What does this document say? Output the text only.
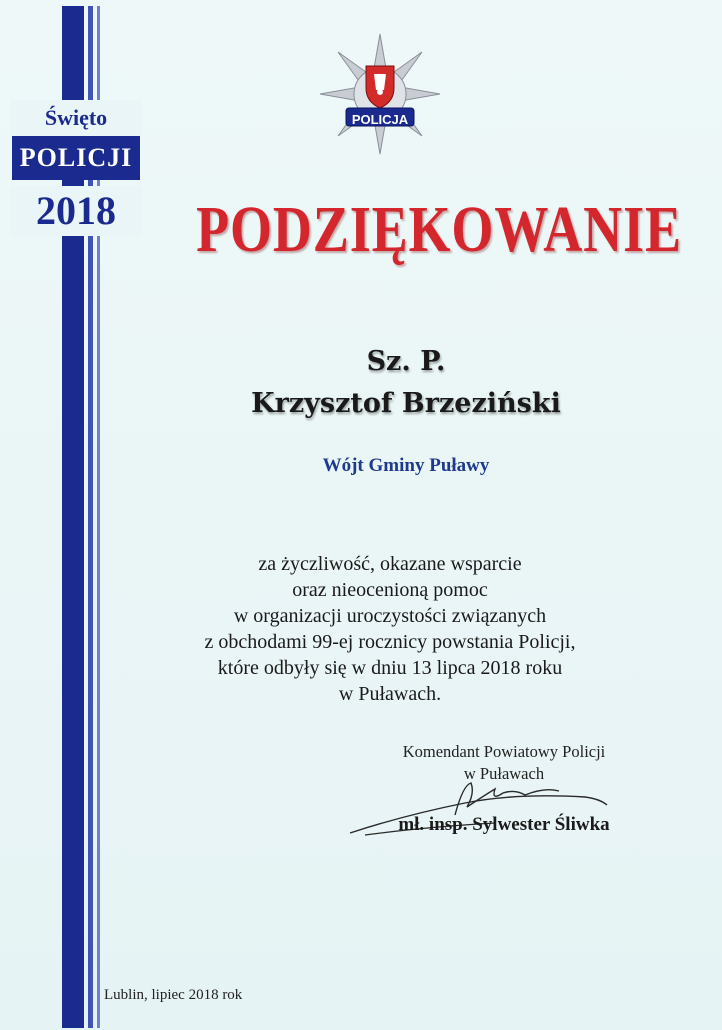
Święto
POLICJI
2018
POLICJA
PODZIĘKOWANIE
Sz. P.
Krzysztof Brzeziński
Wójt Gminy Puławy
za życzliwość, okazane wsparcie
oraz nieocenioną pomoc
w organizacji uroczystości związanych
z obchodami 99-ej rocznicy powstania Policji,
które odbyły się w dniu 13 lipca 2018 roku
w Puławach.
Komendant Powiatowy Policji
w Puławach
mł. insp. Sylwester Śliwka
Lublin, lipiec 2018 rok
